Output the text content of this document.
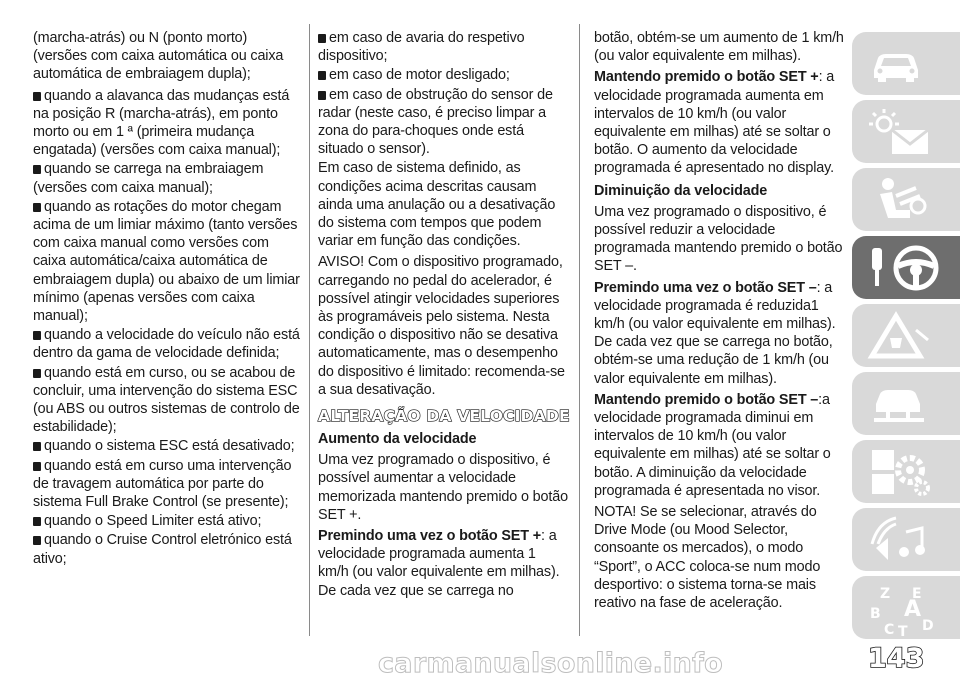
(marcha-atrás) ou N (ponto morto) (versões com caixa automática ou caixa automática de embraiagem dupla);
quando a alavanca das mudanças está na posição R (marcha-atrás), em ponto morto ou em 1 ª (primeira mudança engatada) (versões com caixa manual);
quando se carrega na embraiagem (versões com caixa manual);
quando as rotações do motor chegam acima de um limiar máximo (tanto versões com caixa manual como versões com caixa automática/caixa automática de embraiagem dupla) ou abaixo de um limiar mínimo (apenas versões com caixa manual);
quando a velocidade do veículo não está dentro da gama de velocidade definida;
quando está em curso, ou se acabou de concluir, uma intervenção do sistema ESC (ou ABS ou outros sistemas de controlo de estabilidade);
quando o sistema ESC está desativado;
quando está em curso uma intervenção de travagem automática por parte do sistema Full Brake Control (se presente);
quando o Speed Limiter está ativo;
quando o Cruise Control eletrónico está ativo;
em caso de avaria do respetivo dispositivo;
em caso de motor desligado;
em caso de obstrução do sensor de radar (neste caso, é preciso limpar a zona do para-choques onde está situado o sensor).
Em caso de sistema definido, as condições acima descritas causam ainda uma anulação ou a desativação do sistema com tempos que podem variar em função das condições.
AVISO! Com o dispositivo programado, carregando no pedal do acelerador, é possível atingir velocidades superiores às programáveis pelo sistema. Nesta condição o dispositivo não se desativa automaticamente, mas o desempenho do dispositivo é limitado: recomenda-se a sua desativação.
ALTERAÇÃO DA VELOCIDADE
Aumento da velocidade
Uma vez programado o dispositivo, é possível aumentar a velocidade memorizada mantendo premido o botão SET +.
Premindo uma vez o botão SET +: a velocidade programada aumenta 1 km/h (ou valor equivalente em milhas). De cada vez que se carrega no
botão, obtém-se um aumento de 1 km/h (ou valor equivalente em milhas).
Mantendo premido o botão SET +: a velocidade programada aumenta em intervalos de 10 km/h (ou valor equivalente em milhas) até se soltar o botão. O aumento da velocidade programada é apresentado no display.
Diminuição da velocidade
Uma vez programado o dispositivo, é possível reduzir a velocidade programada mantendo premido o botão SET –.
Premindo uma vez o botão SET –: a velocidade programada é reduzida1 km/h (ou valor equivalente em milhas). De cada vez que se carrega no botão, obtém-se uma redução de 1 km/h (ou valor equivalente em milhas).
Mantendo premido o botão SET –:a velocidade programada diminui em intervalos de 10 km/h (ou valor equivalente em milhas) até se soltar o botão. A diminuição da velocidade programada é apresentada no visor.
NOTA! Se se selecionar, através do Drive Mode (ou Mood Selector, consoante os mercados), o modo “Sport”, o ACC coloca-se num modo desportivo: o sistema torna-se mais reativo na fase de aceleração.
Z E
B A
C T D
143
carmanualsonline.info
